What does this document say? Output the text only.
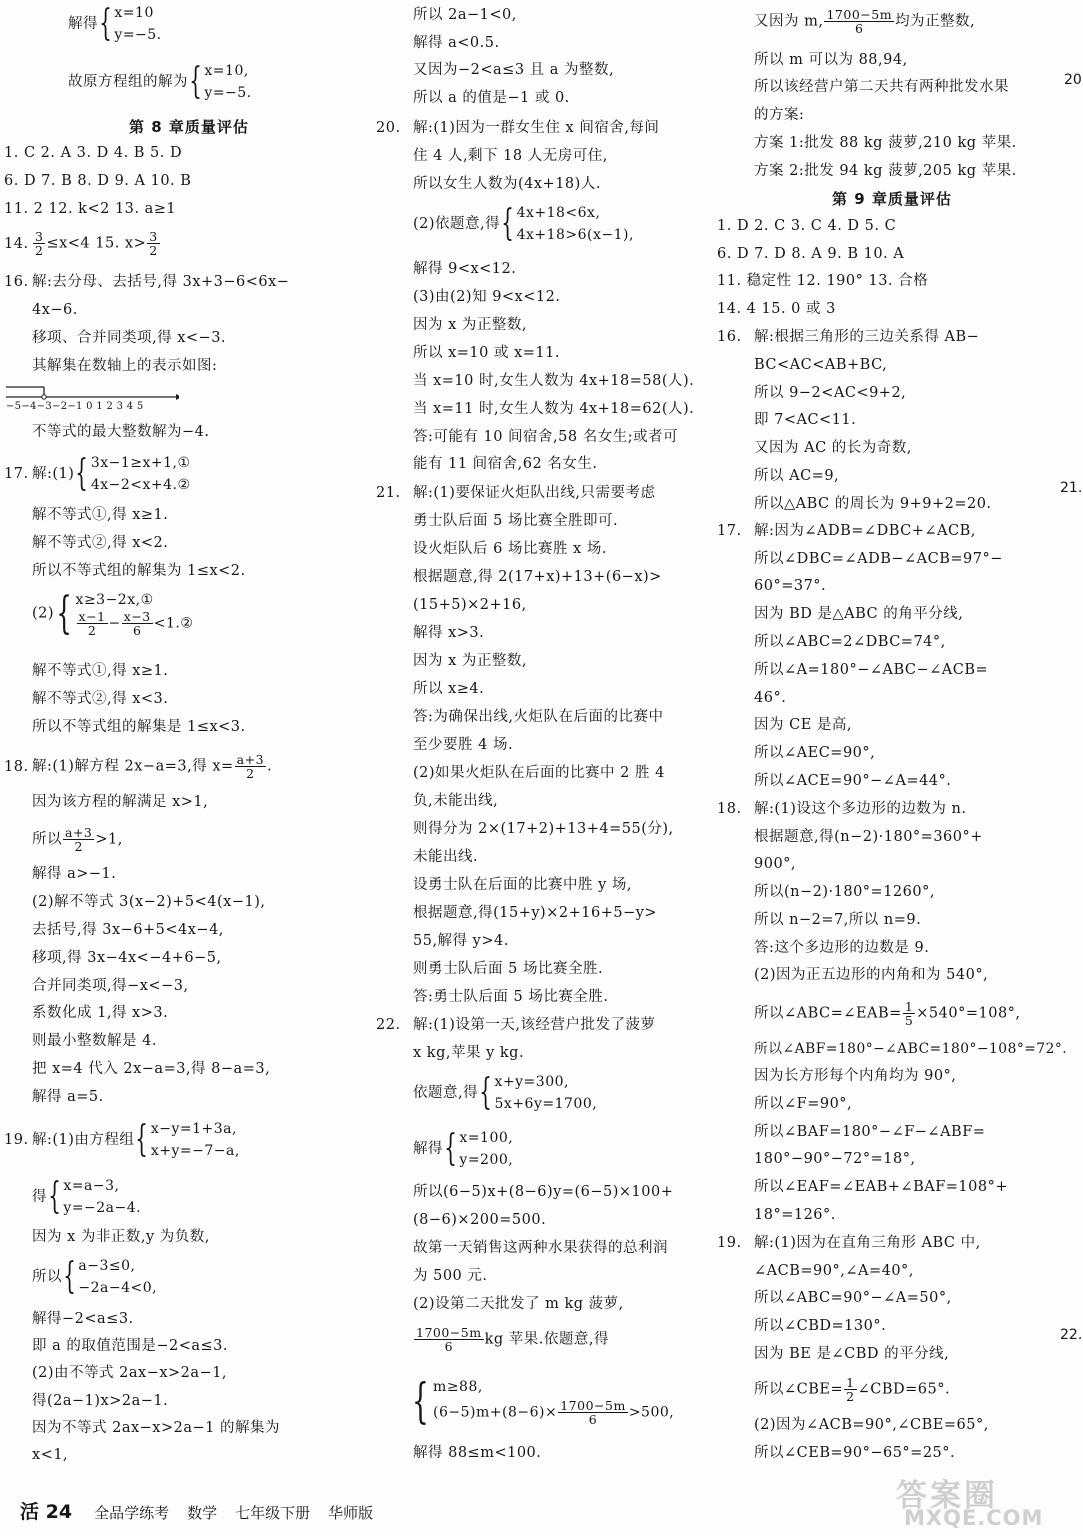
解得{ x=10
y=−5.
故原方程组的解为{ x=10,
y=−5.
第 8 章质量评估
1. C 2. A 3. D 4. B 5. D
6. D 7. B 8. D 9. A 10. B
11. 2 12. k<2 13. a≥1
14. $\frac{3}{2} \le x<4$ 15. $x> \frac{3}{2}$
16. 解:去分母、去括号,得 3x+3−6<6x−
4x−6.
移项、合并同类项,得 x<−3.
其解集在数轴上的表示如图:
−5−4−3−2−1 0 1 2 3 4 5
不等式的最大整数解为−4.
17. 解:(1){ 3x−1≥x+1,①
4x−2<x+4.②
解不等式①,得 x≥1.
解不等式②,得 x<2.
所以不等式组的解集为 1≤x<2.
(2){ x≥3−2x,①

$\frac{x-1}{2} - \frac{x-3}{6}$ <1.②
解不等式①,得 x≥1.
解不等式②,得 x<3.
所以不等式组的解集是 1≤x<3.
18. 解:(1)解方程 2x−a=3,得 $x= \frac{a+3}{2}$ .
因为该方程的解满足 x>1,
所以 $\frac{a+3}{2} >1$,
解得 a>−1.
(2)解不等式 3(x−2)+5<4(x−1),
去括号,得 3x−6+5<4x−4,
移项,得 3x−4x<−4+6−5,
合并同类项,得−x<−3,
系数化成 1,得 x>3.
则最小整数解是 4.
把 x=4 代入 2x−a=3,得 8−a=3,
解得 a=5.
19. 解:(1)由方程组{ x−y=1+3a,
x+y=−7−a,
得{ x=a−3,
y=−2a−4.
因为 x 为非正数,y 为负数,
所以{ a−3≤0,
−2a−4<0,
解得−2<a≤3.
即 a 的取值范围是−2<a≤3.
(2)由不等式 2ax−x>2a−1,
得(2a−1)x>2a−1.
因为不等式 2ax−x>2a−1 的解集为
x<1,
所以 2a−1<0,
解得 a<0.5.
又因为−2<a≤3 且 a 为整数,
所以 a 的值是−1 或 0.
20. 解:(1)因为一群女生住 x 间宿舍,每间
住 4 人,剩下 18 人无房可住,
所以女生人数为(4x+18)人.
(2)依题意,得{ 4x+18<6x,
4x+18>6(x−1),
解得 9<x<12.
(3)由(2)知 9<x<12.
因为 x 为正整数,
所以 x=10 或 x=11.
当 x=10 时,女生人数为 4x+18=58(人).
当 x=11 时,女生人数为 4x+18=62(人).
答:可能有 10 间宿舍,58 名女生;或者可
能有 11 间宿舍,62 名女生.
21. 解:(1)要保证火炬队出线,只需要考虑
勇士队后面 5 场比赛全胜即可.
设火炬队后 6 场比赛胜 x 场.
根据题意,得 2(17+x)+13+(6−x)>
(15+5)×2+16,
解得 x>3.
因为 x 为正整数,
所以 x≥4.
答:为确保出线,火炬队在后面的比赛中
至少要胜 4 场.
(2)如果火炬队在后面的比赛中 2 胜 4
负,未能出线,
则得分为 2×(17+2)+13+4=55(分),
未能出线.
设勇士队在后面的比赛中胜 y 场,
根据题意,得(15+y)×2+16+5−y>
55,解得 y>4.
则勇士队后面 5 场比赛全胜.
答:勇士队后面 5 场比赛全胜.
22. 解:(1)设第一天,该经营户批发了菠萝
x kg,苹果 y kg.
依题意,得{ x+y=300,
5x+6y=1700,
解得{ x=100,
y=200,
所以(6−5)x+(8−6)y=(6−5)×100+
(8−6)×200=500.
故第一天销售这两种水果获得的总利润
为 500 元.
(2)设第二天批发了 m kg 菠萝,
$\frac{1700-5m}{6}$ kg 苹果.依题意,得
{ m≥88,
$(6-5)m+(8-6)\times \frac{1700-5m}{6} >500$,
解得 88≤m<100.
又因为 m, $\frac{1700-5m}{6}$ 均为正整数,
所以 m 可以为 88,94,
所以该经营户第二天共有两种批发水果
的方案:
方案 1:批发 88 kg 菠萝,210 kg 苹果.
方案 2:批发 94 kg 菠萝,205 kg 苹果.
第 9 章质量评估
1. D 2. C 3. C 4. D 5. C
6. D 7. D 8. A 9. B 10. A
11. 稳定性 12. 190° 13. 合格
14. 4 15. 0 或 3
16. 解:根据三角形的三边关系得 AB−
BC<AC<AB+BC,
所以 9−2<AC<9+2,
即 7<AC<11.
又因为 AC 的长为奇数,
所以 AC=9,
所以△ABC 的周长为 9+9+2=20.
17. 解:因为∠ADB=∠DBC+∠ACB,
所以∠DBC=∠ADB−∠ACB=97°−
60°=37°.
因为 BD 是△ABC 的角平分线,
所以∠ABC=2∠DBC=74°,
所以∠A=180°−∠ABC−∠ACB=
46°.
因为 CE 是高,
所以∠AEC=90°,
所以∠ACE=90°−∠A=44°.
18. 解:(1)设这个多边形的边数为 n.
根据题意,得(n−2)·180°=360°+
900°,
所以(n−2)·180°=1260°,
所以 n−2=7,所以 n=9.
答:这个多边形的边数是 9.
(2)因为正五边形的内角和为 540°,
所以∠ABC=∠EAB= $\frac{1}{5} \times 540^\circ=108^\circ$,
所以∠ABF=180°−∠ABC=180°−108°=72°.
因为长方形每个内角均为 90°,
所以∠F=90°,
所以∠BAF=180°−∠F−∠ABF=
180°−90°−72°=18°,
所以∠EAF=∠EAB+∠BAF=108°+
18°=126°.
19. 解:(1)因为在直角三角形 ABC 中,
∠ACB=90°,∠A=40°,
所以∠ABC=90°−∠A=50°,
所以∠CBD=130°.
因为 BE 是∠CBD 的平分线,
所以∠CBE= $\frac{1}{2}$ ∠CBD=65°.
(2)因为∠ACB=90°,∠CBE=65°,
所以∠CEB=90°−65°=25°.
20
21.
22.
活 24 全品学练考 数学 七年级下册 华师版	答案圈
MXQE.COM
